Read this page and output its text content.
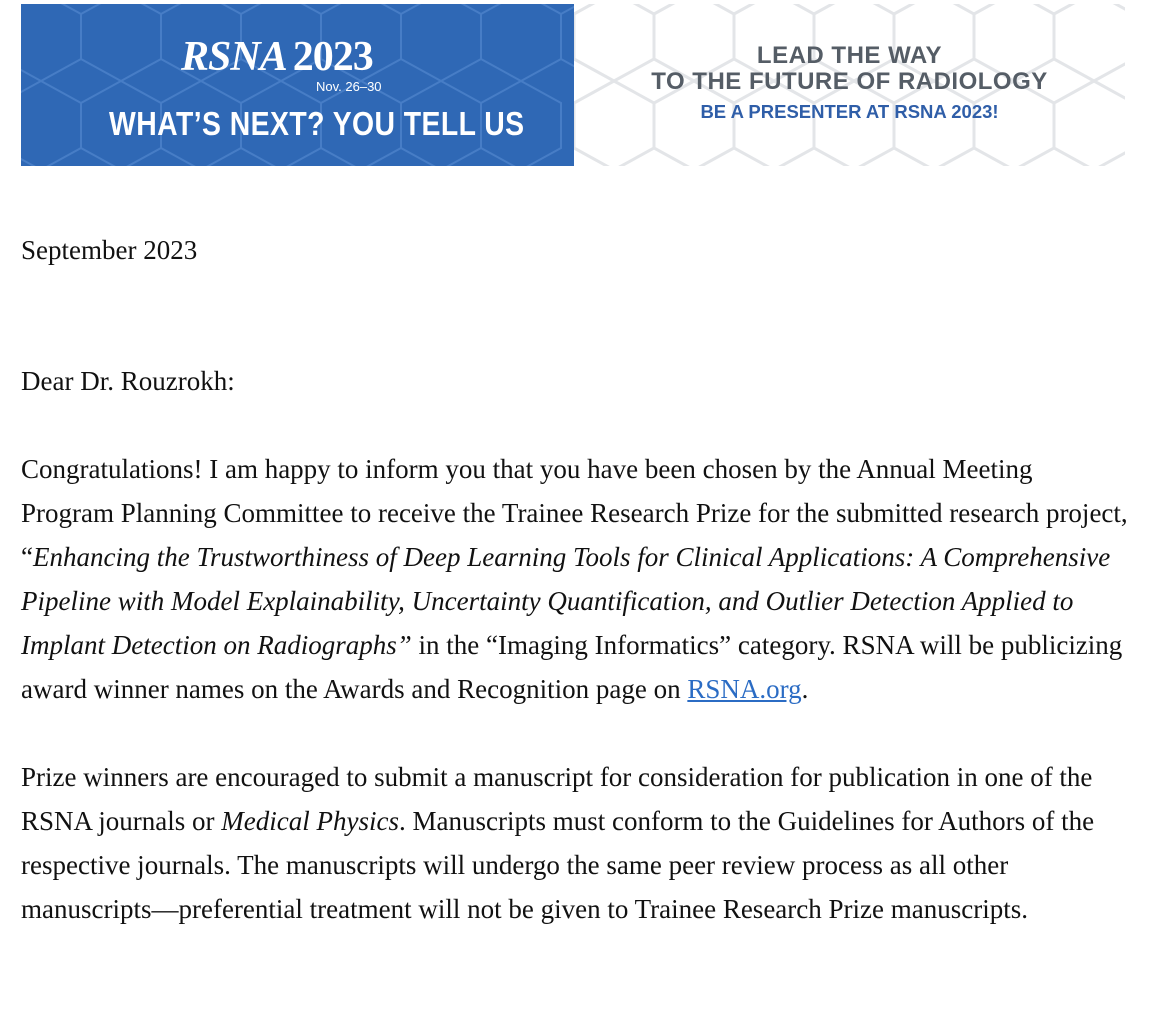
RSNA 2023
Nov. 26–30
WHAT’S NEXT? YOU TELL US
LEAD THE WAY
TO THE FUTURE OF RADIOLOGY
BE A PRESENTER AT RSNA 2023!

September 2023

Dear Dr. Rouzrokh:

Congratulations! I am happy to inform you that you have been chosen by the Annual Meeting Program Planning Committee to receive the Trainee Research Prize for the submitted research project, “Enhancing the Trustworthiness of Deep Learning Tools for Clinical Applications: A Comprehensive Pipeline with Model Explainability, Uncertainty Quantification, and Outlier Detection Applied to Implant Detection on Radiographs” in the “Imaging Informatics” category. RSNA will be publicizing award winner names on the Awards and Recognition page on RSNA.org.

Prize winners are encouraged to submit a manuscript for consideration for publication in one of the RSNA journals or Medical Physics. Manuscripts must conform to the Guidelines for Authors of the respective journals. The manuscripts will undergo the same peer review process as all other manuscripts—preferential treatment will not be given to Trainee Research Prize manuscripts.
